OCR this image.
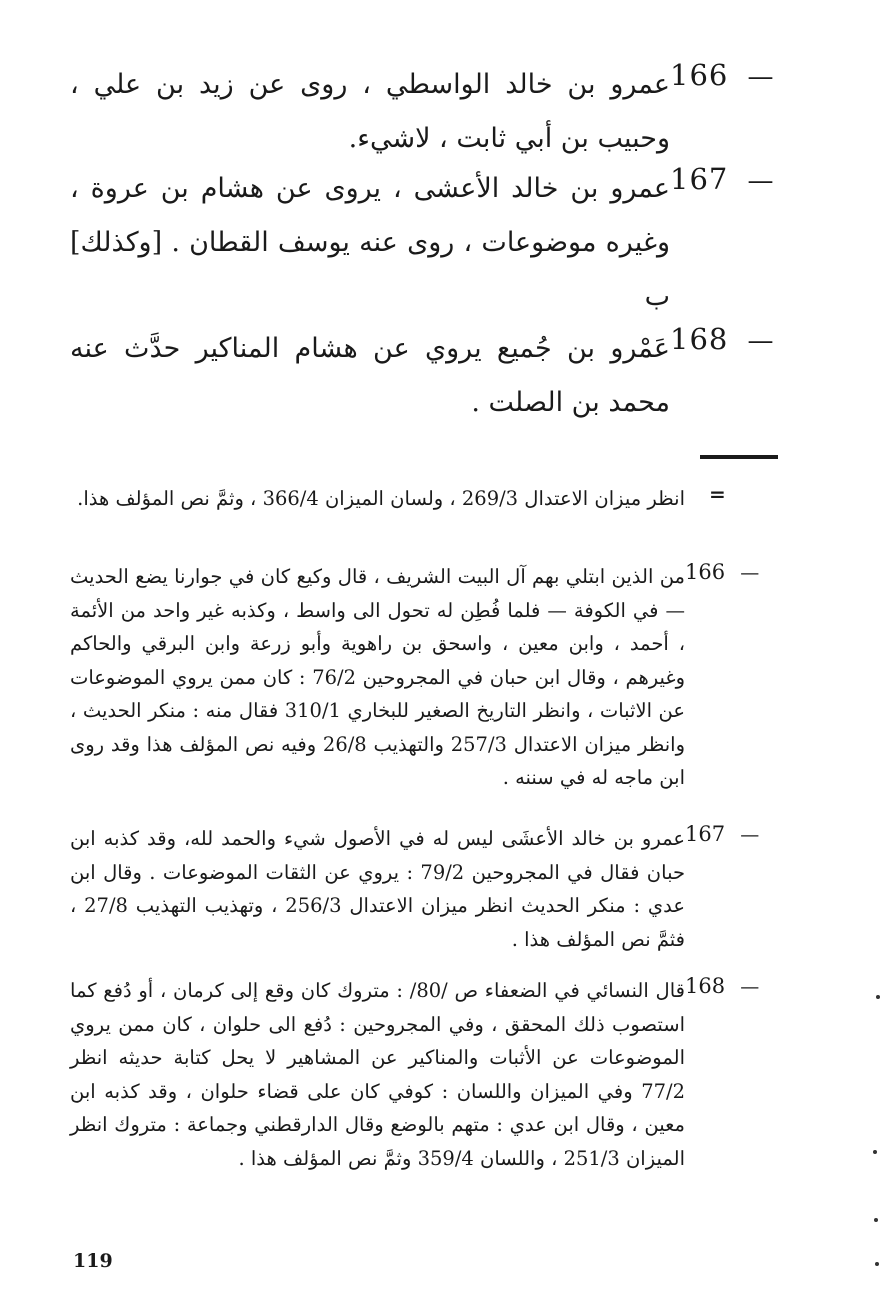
166 —
عمرو بن خالد الواسطي ، روى عن زيد بن علي ، وحبيب بن أبي ثابت ، لاشيء.
167 —
عمرو بن خالد الأعشى ، يروى عن هشام بن عروة ، وغيره موضوعات ، روى عنه يوسف القطان . [وكذلك] ب
168 —
عَمْرو بن جُميع يروي عن هشام المناكير حدَّث عنه محمد بن الصلت .
=
انظر ميزان الاعتدال 269/3 ، ولسان الميزان 366/4 ، وثمَّ نص المؤلف هذا.
166 —
من الذين ابتلي بهم آل البيت الشريف ، قال وكيع كان في جوارنا يضع الحديث — في الكوفة — فلما فُطِن له تحول الى واسط ، وكذبه غير واحد من الأئمة ، أحمد ، وابن معين ، واسحق بن راهوية وأبو زرعة وابن البرقي والحاكم وغيرهم ، وقال ابن حبان في المجروحين 76/2 : كان ممن يروي الموضوعات عن الاثبات ، وانظر التاريخ الصغير للبخاري 310/1 فقال منه : منكر الحديث ، وانظر ميزان الاعتدال 257/3 والتهذيب 26/8 وفيه نص المؤلف هذا وقد روى ابن ماجه له في سننه .
167 —
عمرو بن خالد الأعشَى ليس له في الأصول شيء والحمد لله، وقد كذبه ابن حبان فقال في المجروحين 79/2 : يروي عن الثقات الموضوعات . وقال ابن عدي : منكر الحديث انظر ميزان الاعتدال 256/3 ، وتهذيب التهذيب 27/8 ، فثمَّ نص المؤلف هذا .
168 —
قال النسائي في الضعفاء ص /80/ : متروك كان وقع إلى كرمان ، أو دُفع كما استصوب ذلك المحقق ، وفي المجروحين : دُفع الى حلوان ، كان ممن يروي الموضوعات عن الأثبات والمناكير عن المشاهير لا يحل كتابة حديثه انظر 77/2 وفي الميزان واللسان : كوفي كان على قضاء حلوان ، وقد كذبه ابن معين ، وقال ابن عدي : متهم بالوضع وقال الدارقطني وجماعة : متروك انظر الميزان 251/3 ، واللسان 359/4 وثمَّ نص المؤلف هذا .
119
